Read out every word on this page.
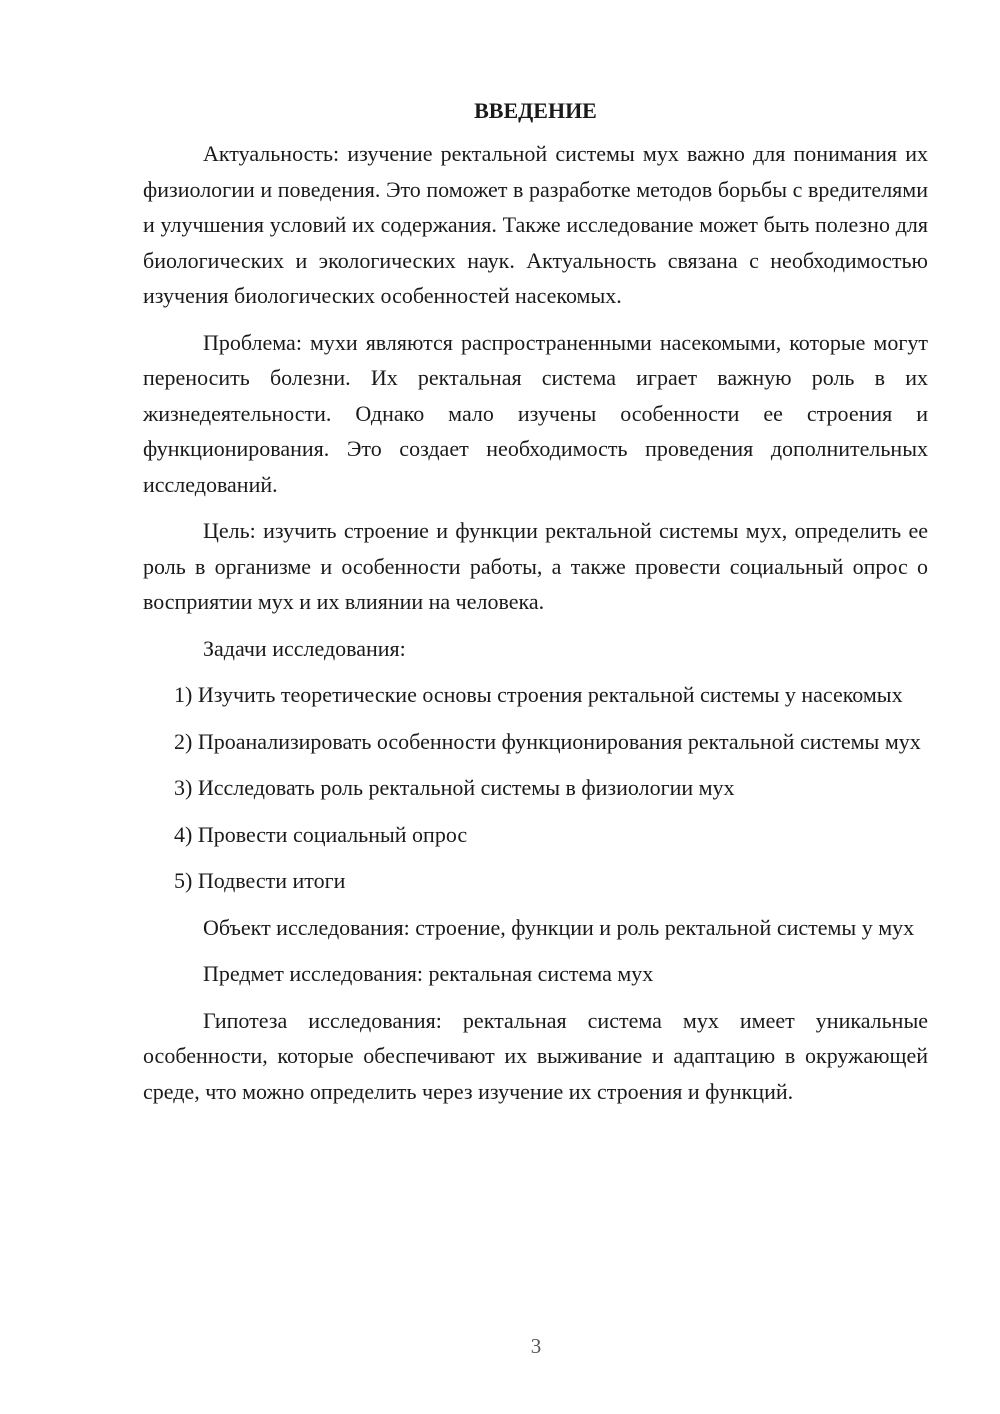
ВВЕДЕНИЕ

Актуальность: изучение ректальной системы мух важно для понимания их физиологии и поведения. Это поможет в разработке методов борьбы с вредителями и улучшения условий их содержания. Также исследование может быть полезно для биологических и экологических наук. Актуальность связана с необходимостью изучения биологических особенностей насекомых.

Проблема: мухи являются распространенными насекомыми, которые могут переносить болезни. Их ректальная система играет важную роль в их жизнедеятельности. Однако мало изучены особенности ее строения и функционирования. Это создает необходимость проведения дополнительных исследований.

Цель: изучить строение и функции ректальной системы мух, определить ее роль в организме и особенности работы, а также провести социальный опрос о восприятии мух и их влиянии на человека.

Задачи исследования:

1) Изучить теоретические основы строения ректальной системы у насекомых

2) Проанализировать особенности функционирования ректальной системы мух

3) Исследовать роль ректальной системы в физиологии мух

4) Провести социальный опрос

5) Подвести итоги

Объект исследования: строение, функции и роль ректальной системы у мух

Предмет исследования: ректальная система мух

Гипотеза исследования: ректальная система мух имеет уникальные особенности, которые обеспечивают их выживание и адаптацию в окружающей среде, что можно определить через изучение их строения и функций.

3
